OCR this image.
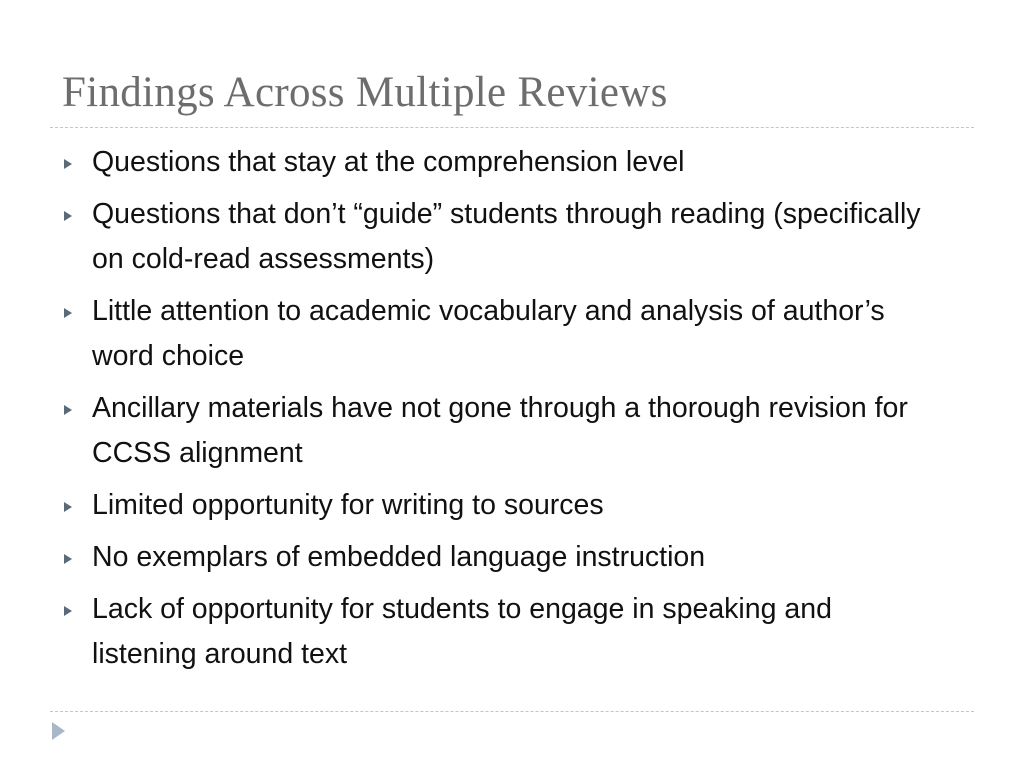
Findings Across Multiple Reviews
Questions that stay at the comprehension level
Questions that don’t “guide” students through reading (specifically on cold-read assessments)
Little attention to academic vocabulary and analysis of author’s word choice
Ancillary materials have not gone through a thorough revision for CCSS alignment
Limited opportunity for writing to sources
No exemplars of embedded language instruction
Lack of opportunity for students to engage in speaking and listening around text
